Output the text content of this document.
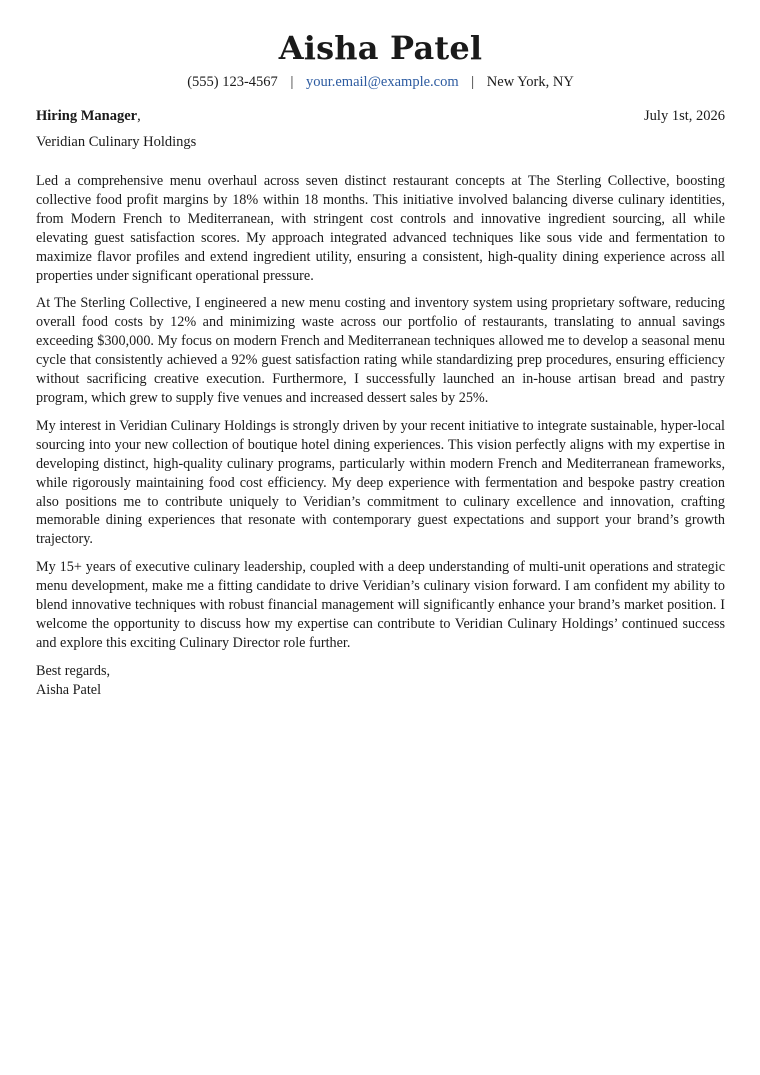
Aisha Patel
(555) 123-4567 | your.email@example.com | New York, NY
Hiring Manager,	July 1st, 2026
Veridian Culinary Holdings

Led a comprehensive menu overhaul across seven distinct restaurant concepts at The Sterling Collective, boosting collective food profit margins by 18% within 18 months. This initiative involved balancing diverse culinary identities, from Modern French to Mediterranean, with stringent cost controls and innovative ingredient sourcing, all while elevating guest satisfaction scores. My approach integrated advanced techniques like sous vide and fermentation to maximize flavor profiles and extend ingredient utility, ensuring a consistent, high-quality dining experience across all properties under significant operational pressure.

At The Sterling Collective, I engineered a new menu costing and inventory system using proprietary software, reducing overall food costs by 12% and minimizing waste across our portfolio of restaurants, translating to annual savings exceeding $300,000. My focus on modern French and Mediterranean techniques allowed me to develop a seasonal menu cycle that consistently achieved a 92% guest satisfaction rating while standardizing prep procedures, ensuring efficiency without sacrificing creative execution. Furthermore, I successfully launched an in-house artisan bread and pastry program, which grew to supply five venues and increased dessert sales by 25%.

My interest in Veridian Culinary Holdings is strongly driven by your recent initiative to integrate sustainable, hyper-local sourcing into your new collection of boutique hotel dining experiences. This vision perfectly aligns with my expertise in developing distinct, high-quality culinary programs, particularly within modern French and Mediterranean frameworks, while rigorously maintaining food cost efficiency. My deep experience with fermentation and bespoke pastry creation also positions me to contribute uniquely to Veridian’s commitment to culinary excellence and innovation, crafting memorable dining experiences that resonate with contemporary guest expectations and support your brand’s growth trajectory.

My 15+ years of executive culinary leadership, coupled with a deep understanding of multi-unit operations and strategic menu development, make me a fitting candidate to drive Veridian’s culinary vision forward. I am confident my ability to blend innovative techniques with robust financial management will significantly enhance your brand’s market position. I welcome the opportunity to discuss how my expertise can contribute to Veridian Culinary Holdings’ continued success and explore this exciting Culinary Director role further.

Best regards,
Aisha Patel
